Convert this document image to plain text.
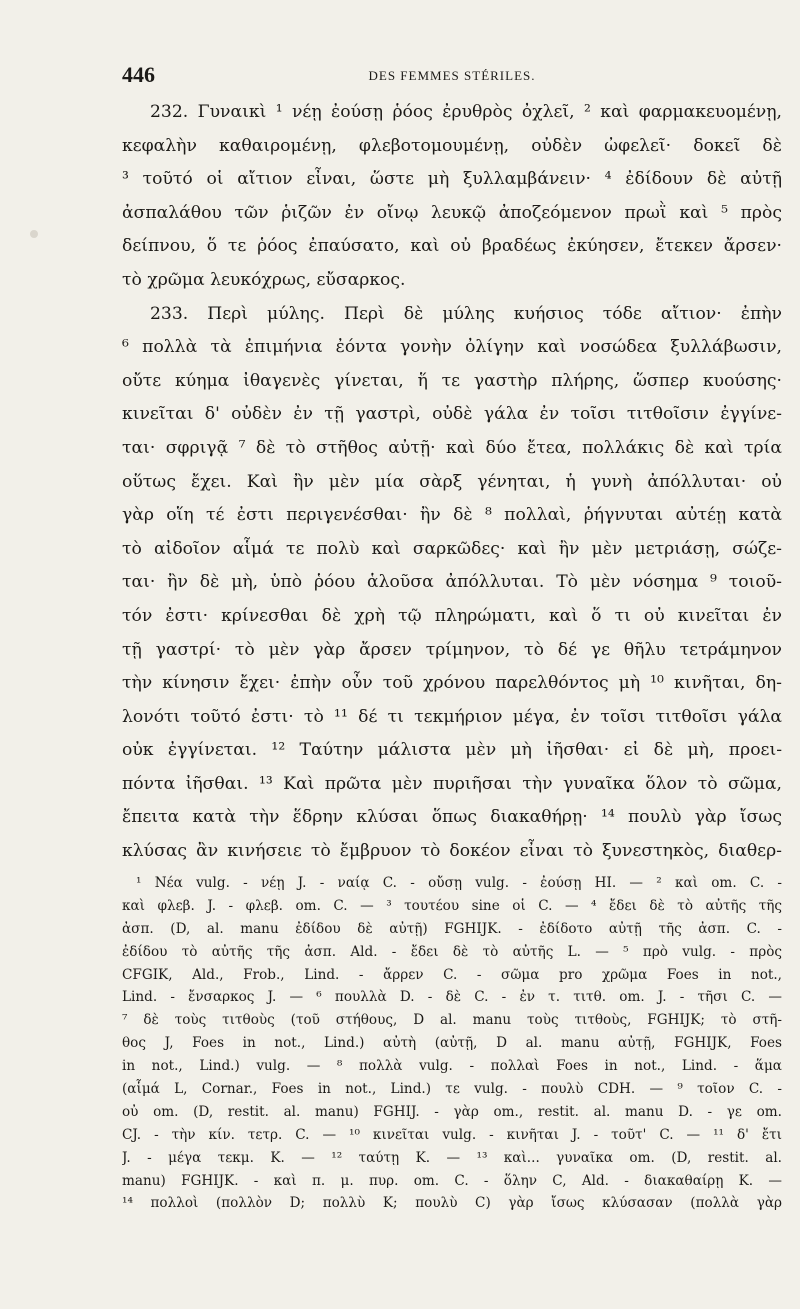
446	DES FEMMES STÉRILES.
232. Γυναικὶ ¹ νέῃ ἐούσῃ ῥόος ἐρυθρὸς ὀχλεῖ, ² καὶ φαρμακευομένῃ,
κεφαλὴν καθαιρομένῃ, φλεβοτομουμένῃ, οὐδὲν ὠφελεῖ· δοκεῖ δὲ
³ τοῦτό οἱ αἴτιον εἶναι, ὥστε μὴ ξυλλαμβάνειν· ⁴ ἐδίδουν δὲ αὐτῇ
ἀσπαλάθου τῶν ῥιζῶν ἐν οἴνῳ λευκῷ ἀποζεόμενον πρωῒ καὶ ⁵ πρὸς
δείπνου, ὅ τε ῥόος ἐπαύσατο, καὶ οὐ βραδέως ἐκύησεν, ἔτεκεν ἄρσεν·
τὸ χρῶμα λευκόχρως, εὔσαρκος.
233. Περὶ μύλης. Περὶ δὲ μύλης κυήσιος τόδε αἴτιον· ἐπὴν
⁶ πολλὰ τὰ ἐπιμήνια ἐόντα γονὴν ὀλίγην καὶ νοσώδεα ξυλλάβωσιν,
οὔτε κύημα ἰθαγενὲς γίνεται, ἥ τε γαστὴρ πλήρης, ὥσπερ κυούσης·
κινεῖται δ' οὐδὲν ἐν τῇ γαστρὶ, οὐδὲ γάλα ἐν τοῖσι τιτθοῖσιν ἐγγίνε-
ται· σφριγᾷ ⁷ δὲ τὸ στῆθος αὐτῇ· καὶ δύο ἔτεα, πολλάκις δὲ καὶ τρία
οὕτως ἔχει. Καὶ ἢν μὲν μία σὰρξ γένηται, ἡ γυνὴ ἀπόλλυται· οὐ
γὰρ οἵη τέ ἐστι περιγενέσθαι· ἢν δὲ ⁸ πολλαὶ, ῥήγνυται αὐτέῃ κατὰ
τὸ αἰδοῖον αἷμά τε πολὺ καὶ σαρκῶδες· καὶ ἢν μὲν μετριάσῃ, σώζε-
ται· ἢν δὲ μὴ, ὑπὸ ῥόου ἁλοῦσα ἀπόλλυται. Τὸ μὲν νόσημα ⁹ τοιοῦ-
τόν ἐστι· κρίνεσθαι δὲ χρὴ τῷ πληρώματι, καὶ ὅ τι οὐ κινεῖται ἐν
τῇ γαστρί· τὸ μὲν γὰρ ἄρσεν τρίμηνον, τὸ δέ γε θῆλυ τετράμηνον
τὴν κίνησιν ἔχει· ἐπὴν οὖν τοῦ χρόνου παρελθόντος μὴ ¹⁰ κινῆται, δη-
λονότι τοῦτό ἐστι· τὸ ¹¹ δέ τι τεκμήριον μέγα, ἐν τοῖσι τιτθοῖσι γάλα
οὐκ ἐγγίνεται. ¹² Ταύτην μάλιστα μὲν μὴ ἰῆσθαι· εἰ δὲ μὴ, προει-
πόντα ἰῆσθαι. ¹³ Καὶ πρῶτα μὲν πυριῆσαι τὴν γυναῖκα ὅλον τὸ σῶμα,
ἔπειτα κατὰ τὴν ἕδρην κλύσαι ὅπως διακαθήρῃ· ¹⁴ πουλὺ γὰρ ἴσως
κλύσας ἂν κινήσειε τὸ ἔμβρυον τὸ δοκέον εἶναι τὸ ξυνεστηκὸς, διαθερ-
¹ Νέα vulg. - νέῃ J. - ναίᾳ C. - οὔσῃ vulg. - ἐούσῃ HI. — ² καὶ om. C. -
καὶ φλεβ. J. - φλεβ. om. C. — ³ τουτέου sine οἱ C. — ⁴ ἔδει δὲ τὸ αὐτῆς τῆς
ἀσπ. (D, al. manu ἐδίδου δὲ αὐτῇ) FGHIJK. - ἐδίδοτο αὐτῇ τῆς ἀσπ. C. -
ἐδίδου τὸ αὐτῆς τῆς ἀσπ. Ald. - ἔδει δὲ τὸ αὐτῆς L. — ⁵ πρὸ vulg. - πρὸς
CFGIK, Ald., Frob., Lind. - ἄρρεν C. - σῶμα pro χρῶμα Foes in not.,
Lind. - ἔνσαρκος J. — ⁶ πουλλὰ D. - δὲ C. - ἐν τ. τιτθ. om. J. - τῆσι C. —
⁷ δὲ τοὺς τιτθοὺς (τοῦ στήθους, D al. manu τοὺς τιτθοὺς, FGHIJK; τὸ στῆ-
θος J, Foes in not., Lind.) αὐτὴ (αὐτῇ, D al. manu αὐτῇ, FGHIJK, Foes
in not., Lind.) vulg. — ⁸ πολλὰ vulg. - πολλαὶ Foes in not., Lind. - ἅμα
(αἷμά L, Cornar., Foes in not., Lind.) τε vulg. - πουλὺ CDH. — ⁹ τοῖον C. -
οὐ om. (D, restit. al. manu) FGHIJ. - γὰρ om., restit. al. manu D. - γε om.
CJ. - τὴν κίν. τετρ. C. — ¹⁰ κινεῖται vulg. - κινῆται J. - τοῦτ' C. — ¹¹ δ' ἔτι
J. - μέγα τεκμ. K. — ¹² ταύτῃ K. — ¹³ καὶ... γυναῖκα om. (D, restit. al.
manu) FGHIJK. - καὶ π. μ. πυρ. om. C. - ὅλην C, Ald. - διακαθαίρῃ K. —
¹⁴ πολλοὶ (πολλὸν D; πολλὺ K; πουλὺ C) γὰρ ἴσως κλύσασαν (πολλὰ γὰρ
